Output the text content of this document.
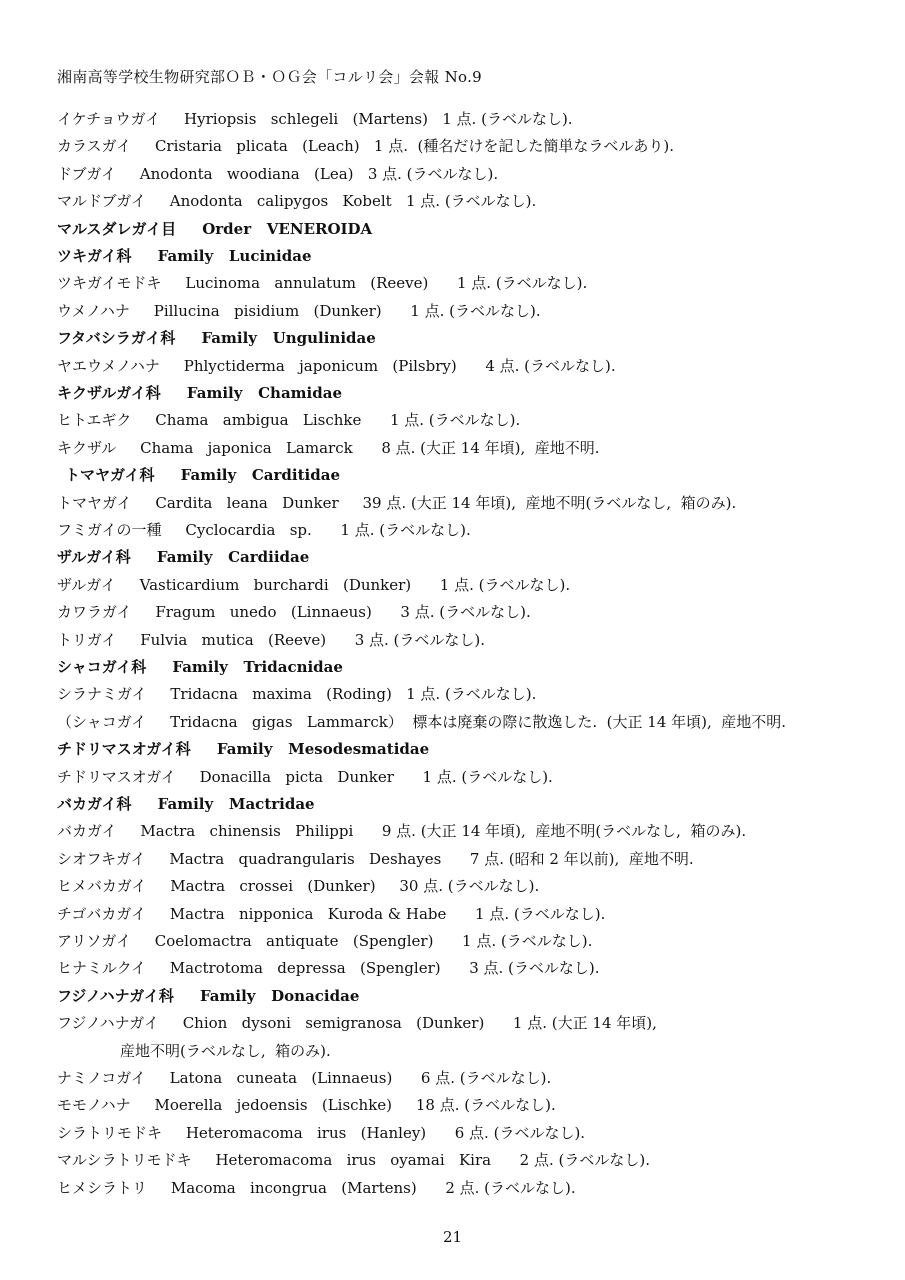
湘南高等学校生物研究部ＯＢ・ＯＧ会「コルリ会」会報 No.9
イケチョウガイ     Hyriopsis   schlegeli   (Martens)   1 点. (ラベルなし).
カラスガイ     Cristaria   plicata   (Leach)   1 点.  (種名だけを記した簡単なラベルあり).
ドブガイ     Anodonta   woodiana   (Lea)   3 点. (ラベルなし).
マルドブガイ     Anodonta   calipygos   Kobelt   1 点. (ラベルなし).
マルスダレガイ目     Order   VENEROIDA
ツキガイ科     Family   Lucinidae
ツキガイモドキ     Lucinoma   annulatum   (Reeve)      1 点. (ラベルなし).
ウメノハナ     Pillucina   pisidium   (Dunker)      1 点. (ラベルなし).
フタバシラガイ科     Family   Ungulinidae
ヤエウメノハナ     Phlyctiderma   japonicum   (Pilsbry)      4 点. (ラベルなし).
キクザルガイ科     Family   Chamidae
ヒトエギク     Chama   ambigua   Lischke      1 点. (ラベルなし).
キクザル     Chama   japonica   Lamarck      8 点. (大正 14 年頃),  産地不明.
トマヤガイ科     Family   Carditidae
トマヤガイ     Cardita   leana   Dunker     39 点. (大正 14 年頃),  産地不明(ラベルなし,  箱のみ).
フミガイの一種     Cyclocardia   sp.      1 点. (ラベルなし).
ザルガイ科     Family   Cardiidae
ザルガイ     Vasticardium   burchardi   (Dunker)      1 点. (ラベルなし).
カワラガイ     Fragum   unedo   (Linnaeus)      3 点. (ラベルなし).
トリガイ     Fulvia   mutica   (Reeve)      3 点. (ラベルなし).
シャコガイ科     Family   Tridacnidae
シラナミガイ     Tridacna   maxima   (Roding)   1 点. (ラベルなし).
（シャコガイ     Tridacna   gigas   Lammarck）  標本は廃棄の際に散逸した.  (大正 14 年頃),  産地不明.
チドリマスオガイ科     Family   Mesodesmatidae
チドリマスオガイ     Donacilla   picta   Dunker      1 点. (ラベルなし).
バカガイ科     Family   Mactridae
バカガイ     Mactra   chinensis   Philippi      9 点. (大正 14 年頃),  産地不明(ラベルなし,  箱のみ).
シオフキガイ     Mactra   quadrangularis   Deshayes      7 点. (昭和 2 年以前),  産地不明.
ヒメバカガイ     Mactra   crossei   (Dunker)     30 点. (ラベルなし).
チゴバカガイ     Mactra   nipponica   Kuroda & Habe      1 点. (ラベルなし).
アリソガイ     Coelomactra   antiquate   (Spengler)      1 点. (ラベルなし).
ヒナミルクイ     Mactrotoma   depressa   (Spengler)      3 点. (ラベルなし).
フジノハナガイ科     Family   Donacidae
フジノハナガイ     Chion   dysoni   semigranosa   (Dunker)      1 点. (大正 14 年頃),
産地不明(ラベルなし,  箱のみ).
ナミノコガイ     Latona   cuneata   (Linnaeus)      6 点. (ラベルなし).
モモノハナ     Moerella   jedoensis   (Lischke)     18 点. (ラベルなし).
シラトリモドキ     Heteromacoma   irus   (Hanley)      6 点. (ラベルなし).
マルシラトリモドキ     Heteromacoma   irus   oyamai   Kira      2 点. (ラベルなし).
ヒメシラトリ     Macoma   incongrua   (Martens)      2 点. (ラベルなし).
21
